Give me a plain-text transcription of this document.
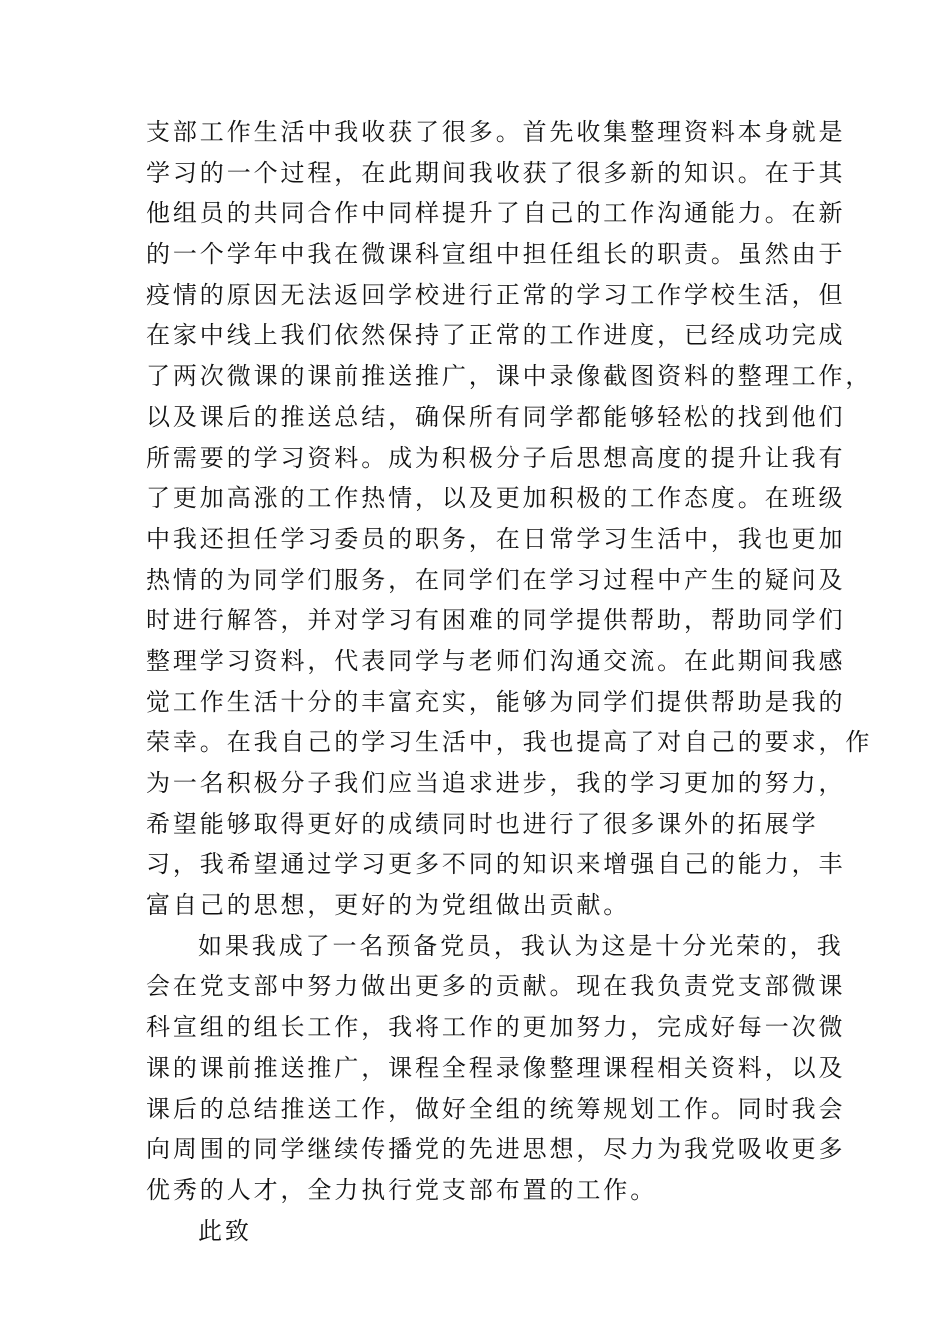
支部工作生活中我收获了很多。首先收集整理资料本身就是
学习的一个过程，在此期间我收获了很多新的知识。在于其
他组员的共同合作中同样提升了自己的工作沟通能力。在新
的一个学年中我在微课科宣组中担任组长的职责。虽然由于
疫情的原因无法返回学校进行正常的学习工作学校生活，但
在家中线上我们依然保持了正常的工作进度，已经成功完成
了两次微课的课前推送推广，课中录像截图资料的整理工作，
以及课后的推送总结，确保所有同学都能够轻松的找到他们
所需要的学习资料。成为积极分子后思想高度的提升让我有
了更加高涨的工作热情，以及更加积极的工作态度。在班级
中我还担任学习委员的职务，在日常学习生活中，我也更加
热情的为同学们服务，在同学们在学习过程中产生的疑问及
时进行解答，并对学习有困难的同学提供帮助，帮助同学们
整理学习资料，代表同学与老师们沟通交流。在此期间我感
觉工作生活十分的丰富充实，能够为同学们提供帮助是我的
荣幸。在我自己的学习生活中，我也提高了对自己的要求，作
为一名积极分子我们应当追求进步，我的学习更加的努力，
希望能够取得更好的成绩同时也进行了很多课外的拓展学
习，我希望通过学习更多不同的知识来增强自己的能力，丰
富自己的思想，更好的为党组做出贡献。
如果我成了一名预备党员，我认为这是十分光荣的，我
会在党支部中努力做出更多的贡献。现在我负责党支部微课
科宣组的组长工作，我将工作的更加努力，完成好每一次微
课的课前推送推广，课程全程录像整理课程相关资料，以及
课后的总结推送工作，做好全组的统筹规划工作。同时我会
向周围的同学继续传播党的先进思想，尽力为我党吸收更多
优秀的人才，全力执行党支部布置的工作。
此致
